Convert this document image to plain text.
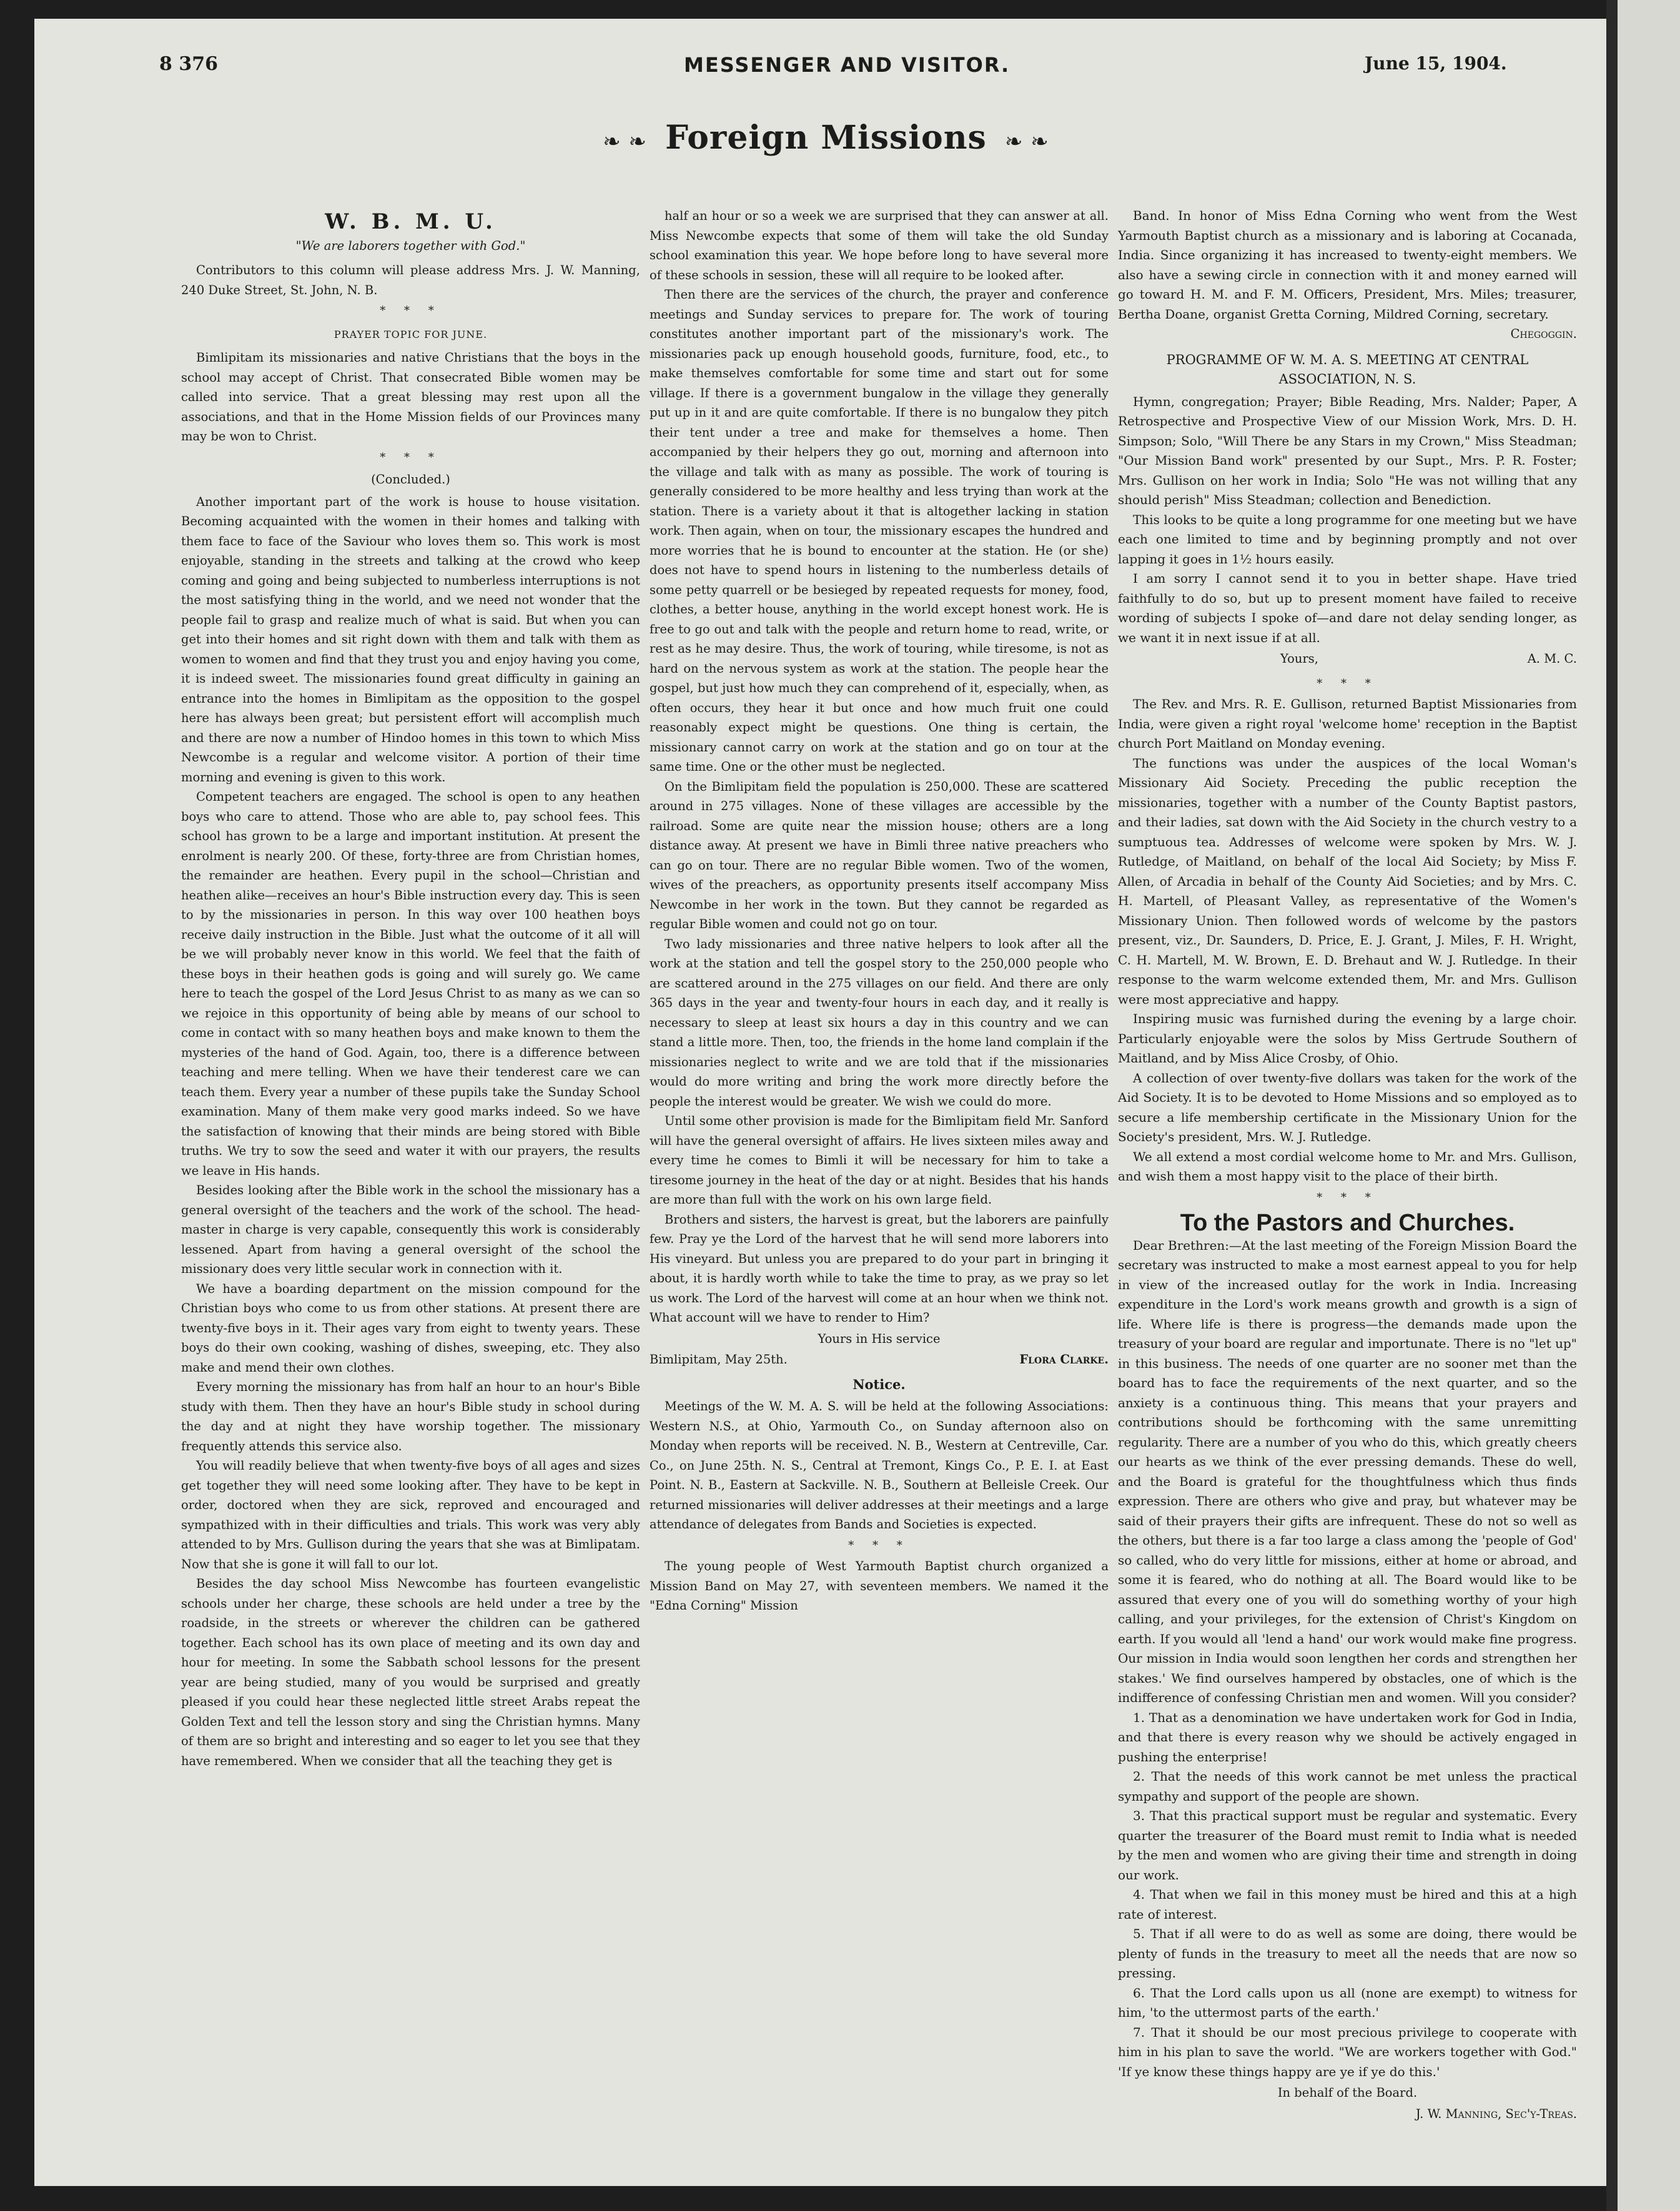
8 376	MESSENGER AND VISITOR.	June 15, 1904.
❧ ❧ Foreign Missions ❧ ❧
W. B. M. U.
"We are laborers together with God."

Contributors to this column will please address Mrs. J. W. Manning, 240 Duke Street, St. John, N. B.

* * *
PRAYER TOPIC FOR JUNE.

Bimlipitam its missionaries and native Christians that the boys in the school may accept of Christ. That consecrated Bible women may be called into service. That a great blessing may rest upon all the associations, and that in the Home Mission fields of our Provinces many may be won to Christ.

* * *
(Concluded.)

Another important part of the work is house to house visitation. Becoming acquainted with the women in their homes and talking with them face to face of the Saviour who loves them so. This work is most enjoyable, standing in the streets and talking at the crowd who keep coming and going and being subjected to numberless interruptions is not the most satisfying thing in the world, and we need not wonder that the people fail to grasp and realize much of what is said. But when you can get into their homes and sit right down with them and talk with them as women to women and find that they trust you and enjoy having you come, it is indeed sweet. The missionaries found great difficulty in gaining an entrance into the homes in Bimlipitam as the opposition to the gospel here has always been great; but persistent effort will accomplish much and there are now a number of Hindoo homes in this town to which Miss Newcombe is a regular and welcome visitor. A portion of their time morning and evening is given to this work.

Competent teachers are engaged. The school is open to any heathen boys who care to attend. Those who are able to, pay school fees. This school has grown to be a large and important institution. At present the enrolment is nearly 200. Of these, forty-three are from Christian homes, the remainder are heathen. Every pupil in the school—Christian and heathen alike—receives an hour's Bible instruction every day. This is seen to by the missionaries in person. In this way over 100 heathen boys receive daily instruction in the Bible. Just what the outcome of it all will be we will probably never know in this world. We feel that the faith of these boys in their heathen gods is going and will surely go. We came here to teach the gospel of the Lord Jesus Christ to as many as we can so we rejoice in this opportunity of being able by means of our school to come in contact with so many heathen boys and make known to them the mysteries of the hand of God. Again, too, there is a difference between teaching and mere telling. When we have their tenderest care we can teach them. Every year a number of these pupils take the Sunday School examination. Many of them make very good marks indeed. So we have the satisfaction of knowing that their minds are being stored with Bible truths. We try to sow the seed and water it with our prayers, the results we leave in His hands.

Besides looking after the Bible work in the school the missionary has a general oversight of the teachers and the work of the school. The head-master in charge is very capable, consequently this work is considerably lessened. Apart from having a general oversight of the school the missionary does very little secular work in connection with it.

We have a boarding department on the mission compound for the Christian boys who come to us from other stations. At present there are twenty-five boys in it. Their ages vary from eight to twenty years. These boys do their own cooking, washing of dishes, sweeping, etc. They also make and mend their own clothes.

Every morning the missionary has from half an hour to an hour's Bible study with them. Then they have an hour's Bible study in school during the day and at night they have worship together. The missionary frequently attends this service also.

You will readily believe that when twenty-five boys of all ages and sizes get together they will need some looking after. They have to be kept in order, doctored when they are sick, reproved and encouraged and sympathized with in their difficulties and trials. This work was very ably attended to by Mrs. Gullison during the years that she was at Bimlipatam. Now that she is gone it will fall to our lot.

Besides the day school Miss Newcombe has fourteen evangelistic schools under her charge, these schools are held under a tree by the roadside, in the streets or wherever the children can be gathered together. Each school has its own place of meeting and its own day and hour for meeting. In some the Sabbath school lessons for the present year are being studied, many of you would be surprised and greatly pleased if you could hear these neglected little street Arabs repeat the Golden Text and tell the lesson story and sing the Christian hymns. Many of them are so bright and interesting and so eager to let you see that they have remembered. When we consider that all the teaching they get is

half an hour or so a week we are surprised that they can answer at all. Miss Newcombe expects that some of them will take the old Sunday school examination this year. We hope before long to have several more of these schools in session, these will all require to be looked after.

Then there are the services of the church, the prayer and conference meetings and Sunday services to prepare for. The work of touring constitutes another important part of the missionary's work. The missionaries pack up enough household goods, furniture, food, etc., to make themselves comfortable for some time and start out for some village. If there is a government bungalow in the village they generally put up in it and are quite comfortable. If there is no bungalow they pitch their tent under a tree and make for themselves a home. Then accompanied by their helpers they go out, morning and afternoon into the village and talk with as many as possible. The work of touring is generally considered to be more healthy and less trying than work at the station. There is a variety about it that is altogether lacking in station work. Then again, when on tour, the missionary escapes the hundred and more worries that he is bound to encounter at the station. He (or she) does not have to spend hours in listening to the numberless details of some petty quarrell or be besieged by repeated requests for money, food, clothes, a better house, anything in the world except honest work. He is free to go out and talk with the people and return home to read, write, or rest as he may desire. Thus, the work of touring, while tiresome, is not as hard on the nervous system as work at the station. The people hear the gospel, but just how much they can comprehend of it, especially, when, as often occurs, they hear it but once and how much fruit one could reasonably expect might be questions. One thing is certain, the missionary cannot carry on work at the station and go on tour at the same time. One or the other must be neglected.

On the Bimlipitam field the population is 250,000. These are scattered around in 275 villages. None of these villages are accessible by the railroad. Some are quite near the mission house; others are a long distance away. At present we have in Bimli three native preachers who can go on tour. There are no regular Bible women. Two of the women, wives of the preachers, as opportunity presents itself accompany Miss Newcombe in her work in the town. But they cannot be regarded as regular Bible women and could not go on tour.

Two lady missionaries and three native helpers to look after all the work at the station and tell the gospel story to the 250,000 people who are scattered around in the 275 villages on our field. And there are only 365 days in the year and twenty-four hours in each day, and it really is necessary to sleep at least six hours a day in this country and we can stand a little more. Then, too, the friends in the home land complain if the missionaries neglect to write and we are told that if the missionaries would do more writing and bring the work more directly before the people the interest would be greater. We wish we could do more.

Until some other provision is made for the Bimlipitam field Mr. Sanford will have the general oversight of affairs. He lives sixteen miles away and every time he comes to Bimli it will be necessary for him to take a tiresome journey in the heat of the day or at night. Besides that his hands are more than full with the work on his own large field.

Brothers and sisters, the harvest is great, but the laborers are painfully few. Pray ye the Lord of the harvest that he will send more laborers into His vineyard. But unless you are prepared to do your part in bringing it about, it is hardly worth while to take the time to pray, as we pray so let us work. The Lord of the harvest will come at an hour when we think not. What account will we have to render to Him?

Yours in His service
Bimlipitam, May 25th.	Flora Clarke.
Notice.

Meetings of the W. M. A. S. will be held at the following Associations: Western N.S., at Ohio, Yarmouth Co., on Sunday afternoon also on Monday when reports will be received. N. B., Western at Centreville, Car. Co., on June 25th. N. S., Central at Tremont, Kings Co., P. E. I. at East Point. N. B., Eastern at Sackville. N. B., Southern at Belleisle Creek. Our returned missionaries will deliver addresses at their meetings and a large attendance of delegates from Bands and Societies is expected.

* * *

The young people of West Yarmouth Baptist church organized a Mission Band on May 27, with seventeen members. We named it the "Edna Corning" Mission

Band. In honor of Miss Edna Corning who went from the West Yarmouth Baptist church as a missionary and is laboring at Cocanada, India. Since organizing it has increased to twenty-eight members. We also have a sewing circle in connection with it and money earned will go toward H. M. and F. M. Officers, President, Mrs. Miles; treasurer, Bertha Doane, organist Gretta Corning, Mildred Corning, secretary.

Chegoggin.
PROGRAMME OF W. M. A. S. MEETING AT CENTRAL ASSOCIATION, N. S.

Hymn, congregation; Prayer; Bible Reading, Mrs. Nalder; Paper, A Retrospective and Prospective View of our Mission Work, Mrs. D. H. Simpson; Solo, "Will There be any Stars in my Crown," Miss Steadman; "Our Mission Band work" presented by our Supt., Mrs. P. R. Foster; Mrs. Gullison on her work in India; Solo "He was not willing that any should perish" Miss Steadman; collection and Benediction.

This looks to be quite a long programme for one meeting but we have each one limited to time and by beginning promptly and not over lapping it goes in 1½ hours easily.

I am sorry I cannot send it to you in better shape. Have tried faithfully to do so, but up to present moment have failed to receive wording of subjects I spoke of—and dare not delay sending longer, as we want it in next issue if at all.

Yours,	A. M. C.
* * *

The Rev. and Mrs. R. E. Gullison, returned Baptist Missionaries from India, were given a right royal 'welcome home' reception in the Baptist church Port Maitland on Monday evening.

The functions was under the auspices of the local Woman's Missionary Aid Society. Preceding the public reception the missionaries, together with a number of the County Baptist pastors, and their ladies, sat down with the Aid Society in the church vestry to a sumptuous tea. Addresses of welcome were spoken by Mrs. W. J. Rutledge, of Maitland, on behalf of the local Aid Society; by Miss F. Allen, of Arcadia in behalf of the County Aid Societies; and by Mrs. C. H. Martell, of Pleasant Valley, as representative of the Women's Missionary Union. Then followed words of welcome by the pastors present, viz., Dr. Saunders, D. Price, E. J. Grant, J. Miles, F. H. Wright, C. H. Martell, M. W. Brown, E. D. Brehaut and W. J. Rutledge. In their response to the warm welcome extended them, Mr. and Mrs. Gullison were most appreciative and happy.

Inspiring music was furnished during the evening by a large choir. Particularly enjoyable were the solos by Miss Gertrude Southern of Maitland, and by Miss Alice Crosby, of Ohio.

A collection of over twenty-five dollars was taken for the work of the Aid Society. It is to be devoted to Home Missions and so employed as to secure a life membership certificate in the Missionary Union for the Society's president, Mrs. W. J. Rutledge.

We all extend a most cordial welcome home to Mr. and Mrs. Gullison, and wish them a most happy visit to the place of their birth.

* * *
To the Pastors and Churches.

Dear Brethren:—At the last meeting of the Foreign Mission Board the secretary was instructed to make a most earnest appeal to you for help in view of the increased outlay for the work in India. Increasing expenditure in the Lord's work means growth and growth is a sign of life. Where life is there is progress—the demands made upon the treasury of your board are regular and importunate. There is no "let up" in this business. The needs of one quarter are no sooner met than the board has to face the requirements of the next quarter, and so the anxiety is a continuous thing. This means that your prayers and contributions should be forthcoming with the same unremitting regularity. There are a number of you who do this, which greatly cheers our hearts as we think of the ever pressing demands. These do well, and the Board is grateful for the thoughtfulness which thus finds expression. There are others who give and pray, but whatever may be said of their prayers their gifts are infrequent. These do not so well as the others, but there is a far too large a class among the 'people of God' so called, who do very little for missions, either at home or abroad, and some it is feared, who do nothing at all. The Board would like to be assured that every one of you will do something worthy of your high calling, and your privileges, for the extension of Christ's Kingdom on earth. If you would all 'lend a hand' our work would make fine progress. Our mission in India would soon lengthen her cords and strengthen her stakes.' We find ourselves hampered by obstacles, one of which is the indifference of confessing Christian men and women. Will you consider?

1. That as a denomination we have undertaken work for God in India, and that there is every reason why we should be actively engaged in pushing the enterprise!

2. That the needs of this work cannot be met unless the practical sympathy and support of the people are shown.

3. That this practical support must be regular and systematic. Every quarter the treasurer of the Board must remit to India what is needed by the men and women who are giving their time and strength in doing our work.

4. That when we fail in this money must be hired and this at a high rate of interest.

5. That if all were to do as well as some are doing, there would be plenty of funds in the treasury to meet all the needs that are now so pressing.

6. That the Lord calls upon us all (none are exempt) to witness for him, 'to the uttermost parts of the earth.'

7. That it should be our most precious privilege to cooperate with him in his plan to save the world. "We are workers together with God." 'If ye know these things happy are ye if ye do this.'

In behalf of the Board.
J. W. Manning, Sec'y-Treas.
